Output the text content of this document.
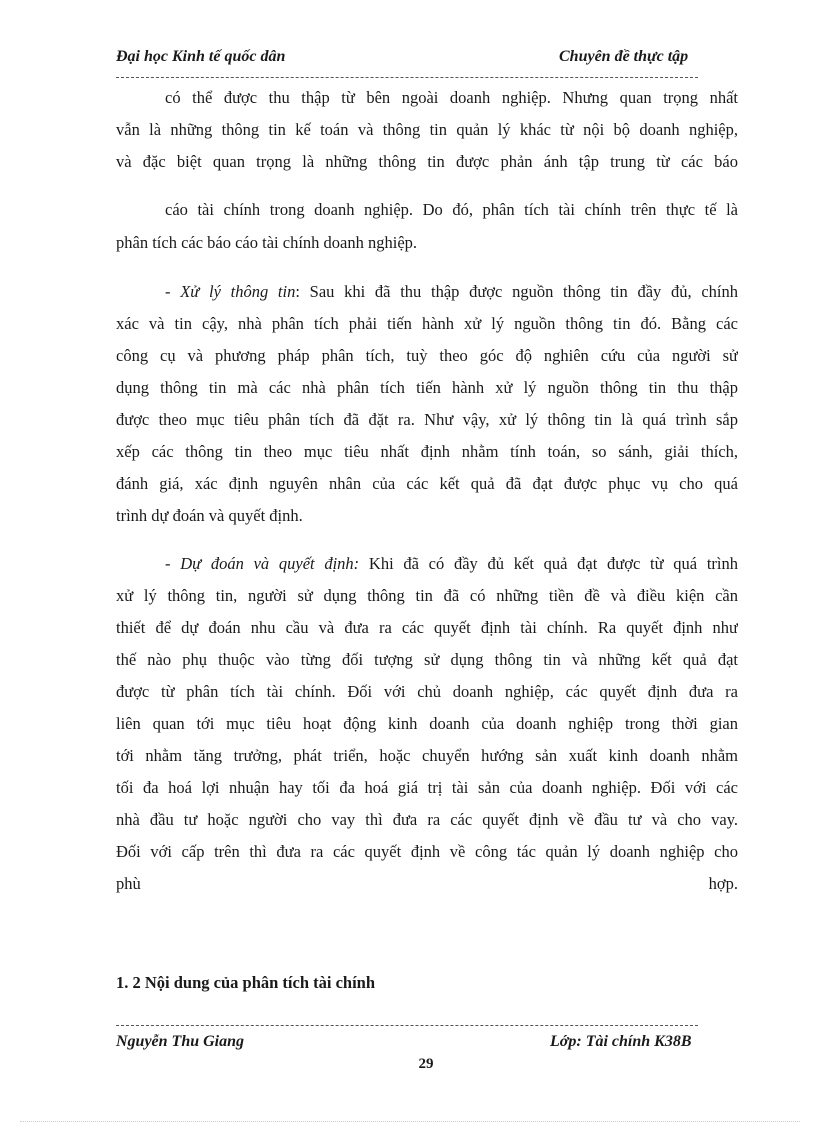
Đại học Kinh tế quốc dân	Chuyên đề thực tập
có thể được thu thập từ bên ngoài doanh nghiệp. Nhưng quan trọng nhất
vẫn là những thông tin kế toán và thông tin quản lý khác từ nội bộ doanh nghiệp,
và đặc biệt quan trọng là những thông tin được phản ánh tập trung từ các báo
cáo tài chính trong doanh nghiệp. Do đó, phân tích tài chính trên thực tế là
phân tích các báo cáo tài chính doanh nghiệp.
- Xử lý thông tin: Sau khi đã thu thập được nguồn thông tin đầy đủ, chính
xác và tin cậy, nhà phân tích phải tiến hành xử lý nguồn thông tin đó. Bằng các
công cụ và phương pháp phân tích, tuỳ theo góc độ nghiên cứu của người sử
dụng thông tin mà các nhà phân tích tiến hành xử lý nguồn thông tin thu thập
được theo mục tiêu phân tích đã đặt ra. Như vậy, xử lý thông tin là quá trình sắp
xếp các thông tin theo mục tiêu nhất định nhằm tính toán, so sánh, giải thích,
đánh giá, xác định nguyên nhân của các kết quả đã đạt được phục vụ cho quá
trình dự đoán và quyết định.
- Dự đoán và quyết định: Khi đã có đầy đủ kết quả đạt được từ quá trình
xử lý thông tin, người sử dụng thông tin đã có những tiền đề và điều kiện cần
thiết để dự đoán nhu cầu và đưa ra các quyết định tài chính. Ra quyết định như
thế nào phụ thuộc vào từng đối tượng sử dụng thông tin và những kết quả đạt
được từ phân tích tài chính. Đối với chủ doanh nghiệp, các quyết định đưa ra
liên quan tới mục tiêu hoạt động kinh doanh của doanh nghiệp trong thời gian
tới nhằm tăng trưởng, phát triển, hoặc chuyển hướng sản xuất kinh doanh nhằm
tối đa hoá lợi nhuận hay tối đa hoá giá trị tài sản của doanh nghiệp. Đối với các
nhà đầu tư hoặc người cho vay thì đưa ra các quyết định về đầu tư và cho vay.
Đối với cấp trên thì đưa ra các quyết định về công tác quản lý doanh nghiệp cho
phù hợp.
1. 2 Nội dung của phân tích tài chính
Nguyễn Thu Giang	Lớp: Tài chính K38B
29
